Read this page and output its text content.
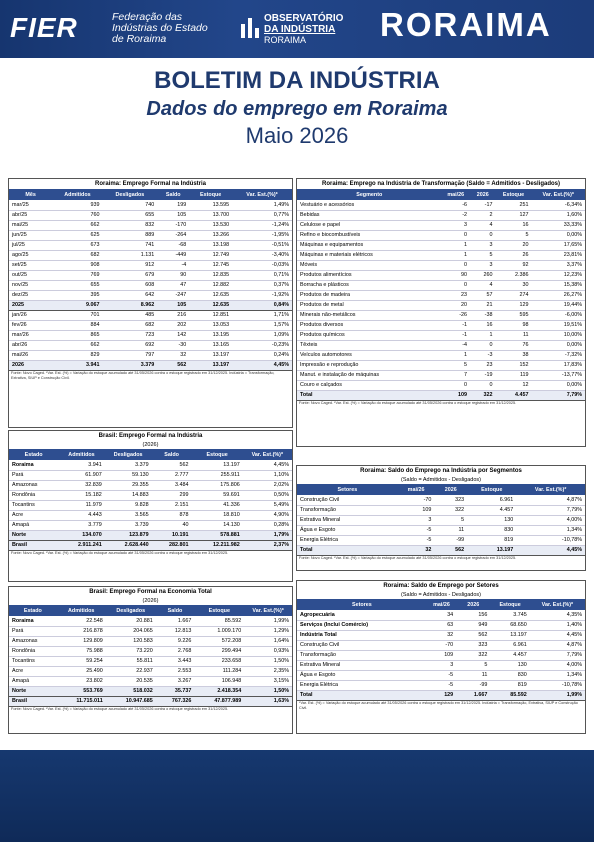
FIER	Federação das
Indústrias do Estado
de Roraima
OBSERVATÓRIO
DA INDÚSTRIA
RORAIMA	RORAIMA
BOLETIM DA INDÚSTRIA
Dados do emprego em Roraima
Maio 2026
Roraima: Emprego Formal na Indústria
Mês	Admitidos	Desligados	Saldo	Estoque	Var. Est.(%)*
mar/25	939	740	199	13.595	1,49%
abr/25	760	655	105	13.700	0,77%
mai/25	662	832	-170	13.530	-1,24%
jun/25	625	889	-264	13.266	-1,95%
jul/25	673	741	-68	13.198	-0,51%
ago/25	682	1.131	-449	12.749	-3,40%
set/25	908	912	-4	12.745	-0,03%
out/25	769	679	90	12.835	0,71%
nov/25	655	608	47	12.882	0,37%
dez/25	395	642	-247	12.635	-1,92%
2025	9.067	8.962	105	12.635	0,84%
jan/26	701	485	216	12.851	1,71%
fev/26	884	682	202	13.053	1,57%
mar/26	865	723	142	13.195	1,09%
abr/26	662	692	-30	13.165	-0,23%
mai/26	829	797	32	13.197	0,24%
2026	3.941	3.379	562	13.197	4,45%
Fonte: Novo Caged. *Var. Est. (%) = Variação do estoque acumulado até 31/05/2026 contra o estoque registrado em 31/12/2025. Indústria = Transformação, Extrativa, SIUP e Construção Civil.
Roraima: Emprego na Indústria de Transformação (Saldo = Admitidos - Desligados)
Segmento	mai/26	2026	Estoque	Var. Est.(%)*
Vestuário e acessórios	-6	-17	251	-6,34%
Bebidas	-2	2	127	1,60%
Celulose e papel	3	4	16	33,33%
Refino e biocombustíveis	0	0	5	0,00%
Máquinas e equipamentos	1	3	20	17,65%
Máquinas e materiais elétricos	1	5	26	23,81%
Móveis	0	3	92	3,37%
Produtos alimentícios	90	260	2.386	12,23%
Borracha e plásticos	0	4	30	15,38%
Produtos de madeira	23	57	274	26,27%
Produtos de metal	20	21	129	19,44%
Minerais não-metálicos	-26	-38	595	-6,00%
Produtos diversos	-1	16	98	19,51%
Produtos químicos	-1	1	11	10,00%
Têxteis	-4	0	76	0,00%
Veículos automotores	1	-3	38	-7,32%
Impressão e reprodução	5	23	152	17,83%
Manut. e instalação de máquinas	7	-19	119	-13,77%
Couro e calçados	0	0	12	0,00%
Total	109	322	4.457	7,79%
Fonte: Novo Caged. *Var. Est. (%) = Variação do estoque acumulado até 31/05/2026 contra o estoque registrado em 31/12/2025.
Brasil: Emprego Formal na Indústria
(2026)
Estado	Admitidos	Desligados	Saldo	Estoque	Var. Est.(%)*
Roraima	3.941	3.379	562	13.197	4,45%
Pará	61.907	59.130	2.777	255.911	1,10%
Amazonas	32.839	29.355	3.484	175.806	2,02%
Rondônia	15.182	14.883	299	59.691	0,50%
Tocantins	11.979	9.828	2.151	41.336	5,49%
Acre	4.443	3.565	878	18.810	4,90%
Amapá	3.779	3.739	40	14.130	0,28%
Norte	134.070	123.879	10.191	578.881	1,79%
Brasil	2.911.241	2.628.440	282.801	12.211.982	2,37%
Fonte: Novo Caged. *Var. Est. (%) = Variação do estoque acumulado até 31/05/2026 contra o estoque registrado em 31/12/2025.
Roraima: Saldo do Emprego na Indústria por Segmentos
(Saldo = Admitidos - Desligados)
Setores	mai/26	2026	Estoque	Var. Est.(%)*
Construção Civil	-70	323	6.961	4,87%
Transformação	109	322	4.457	7,79%
Extrativa Mineral	3	5	130	4,00%
Água e Esgoto	-5	11	830	1,34%
Energia Elétrica	-5	-99	819	-10,78%
Total	32	562	13.197	4,45%
Fonte: Novo Caged. *Var. Est. (%) = Variação do estoque acumulado até 31/05/2026 contra o estoque registrado em 31/12/2025.
Brasil: Emprego Formal na Economia Total
(2026)
Estado	Admitidos	Desligados	Saldo	Estoque	Var. Est.(%)*
Roraima	22.548	20.881	1.667	85.592	1,99%
Pará	216.878	204.065	12.813	1.009.170	1,29%
Amazonas	129.809	120.583	9.226	572.208	1,64%
Rondônia	75.988	73.220	2.768	299.494	0,93%
Tocantins	59.254	55.811	3.443	233.658	1,50%
Acre	25.490	22.937	2.553	111.284	2,35%
Amapá	23.802	20.535	3.267	106.948	3,15%
Norte	553.769	518.032	35.737	2.418.354	1,50%
Brasil	11.715.011	10.947.685	767.326	47.877.989	1,63%
Fonte: Novo Caged. *Var. Est. (%) = Variação do estoque acumulado até 31/05/2026 contra o estoque registrado em 31/12/2025.
Roraima: Saldo de Emprego por Setores
(Saldo = Admitidos - Desligados)
Setores	mai/26	2026	Estoque	Var. Est.(%)*
Agropecuária	34	156	3.745	4,35%
Serviços (Inclui Comércio)	63	949	68.650	1,40%
Indústria Total	32	562	13.197	4,45%
Construção Civil	-70	323	6.961	4,87%
Transformação	109	322	4.457	7,79%
Extrativa Mineral	3	5	130	4,00%
Água e Esgoto	-5	11	830	1,34%
Energia Elétrica	-5	-99	819	-10,78%
Total	129	1.667	85.592	1,99%
*Var. Est. (%) = Variação do estoque acumulado até 31/05/2026 contra o estoque registrado em 31/12/2025. Indústria = Transformação, Extrativa, SIUP e Construção Civil.
